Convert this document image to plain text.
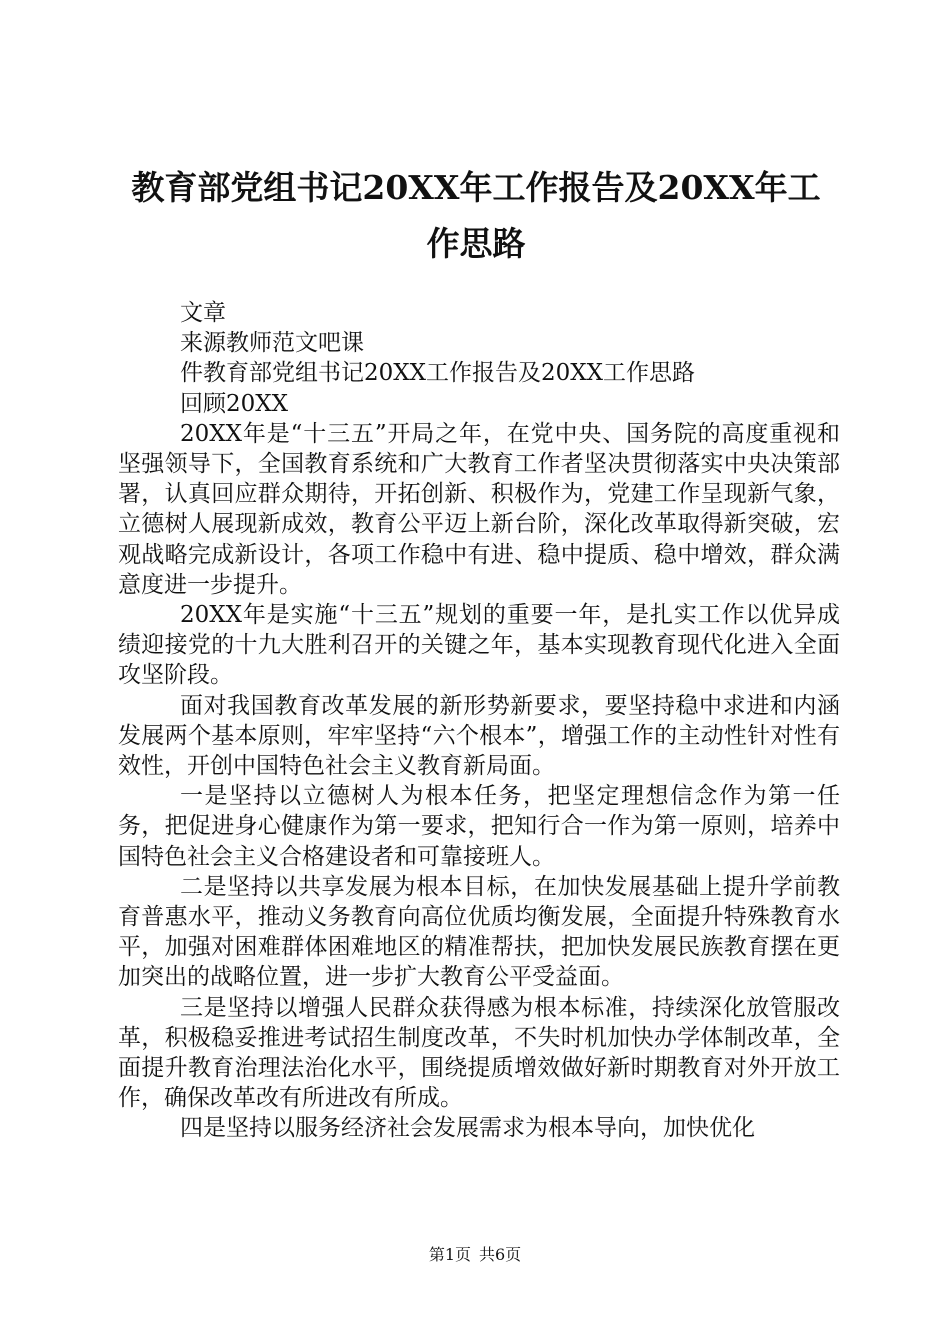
教育部党组书记20XX年工作报告及20XX年工作思路

文章

来源教师范文吧课

件教育部党组书记20XX工作报告及20XX工作思路

回顾20XX

20XX年是“十三五”开局之年，在党中央、国务院的高度重视和坚强领导下，全国教育系统和广大教育工作者坚决贯彻落实中央决策部署，认真回应群众期待，开拓创新、积极作为，党建工作呈现新气象，立德树人展现新成效，教育公平迈上新台阶，深化改革取得新突破，宏观战略完成新设计，各项工作稳中有进、稳中提质、稳中增效，群众满意度进一步提升。

20XX年是实施“十三五”规划的重要一年，是扎实工作以优异成绩迎接党的十九大胜利召开的关键之年，基本实现教育现代化进入全面攻坚阶段。

面对我国教育改革发展的新形势新要求，要坚持稳中求进和内涵发展两个基本原则，牢牢坚持“六个根本”，增强工作的主动性针对性有效性，开创中国特色社会主义教育新局面。

一是坚持以立德树人为根本任务，把坚定理想信念作为第一任务，把促进身心健康作为第一要求，把知行合一作为第一原则，培养中国特色社会主义合格建设者和可靠接班人。

二是坚持以共享发展为根本目标，在加快发展基础上提升学前教育普惠水平，推动义务教育向高位优质均衡发展，全面提升特殊教育水平，加强对困难群体困难地区的精准帮扶，把加快发展民族教育摆在更加突出的战略位置，进一步扩大教育公平受益面。

三是坚持以增强人民群众获得感为根本标准，持续深化放管服改革，积极稳妥推进考试招生制度改革，不失时机加快办学体制改革，全面提升教育治理法治化水平，围绕提质增效做好新时期教育对外开放工作，确保改革改有所进改有所成。

四是坚持以服务经济社会发展需求为根本导向，加快优化

第1页 共6页
